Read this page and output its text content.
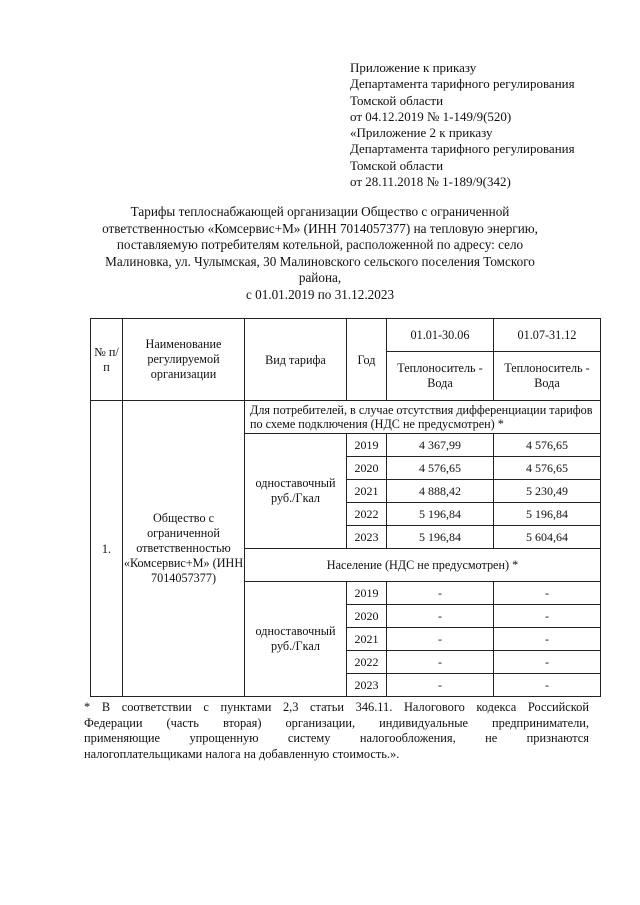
Приложение к приказу
Департамента тарифного регулирования
Томской области
от 04.12.2019 № 1-149/9(520)
«Приложение 2 к приказу
Департамента тарифного регулирования
Томской области
от 28.11.2018 № 1-189/9(342)
Тарифы теплоснабжающей организации Общество с ограниченной
ответственностью «Комсервис+М» (ИНН 7014057377) на тепловую энергию,
поставляемую потребителям котельной, расположенной по адресу: село
Малиновка, ул. Чулымская, 30 Малиновского сельского поселения Томского
района,
с 01.01.2019 по 31.12.2023
№ п/п	Наименование регулируемой организации	Вид тарифа	Год	01.01-30.06	01.07-31.12
				Теплоноситель - Вода	Теплоноситель - Вода
1.	Общество с ограниченной ответственностью «Комсервис+М» (ИНН 7014057377)	Для потребителей, в случае отсутствия дифференциации тарифов по схеме подключения (НДС не предусмотрен) *			
		одноставочный руб./Гкал	2019	4 367,99	4 576,65
			2020	4 576,65	4 576,65
			2021	4 888,42	5 230,49
			2022	5 196,84	5 196,84
			2023	5 196,84	5 604,64
		Население (НДС не предусмотрен) *			
		одноставочный руб./Гкал	2019	-	-
			2020	-	-
			2021	-	-
			2022	-	-
			2023	-	-
* В соответствии с пунктами 2,3 статьи 346.11. Налогового кодекса Российской
Федерации (часть вторая) организации, индивидуальные предприниматели,
применяющие упрощенную систему налогообложения, не признаются
налогоплательщиками налога на добавленную стоимость.».
